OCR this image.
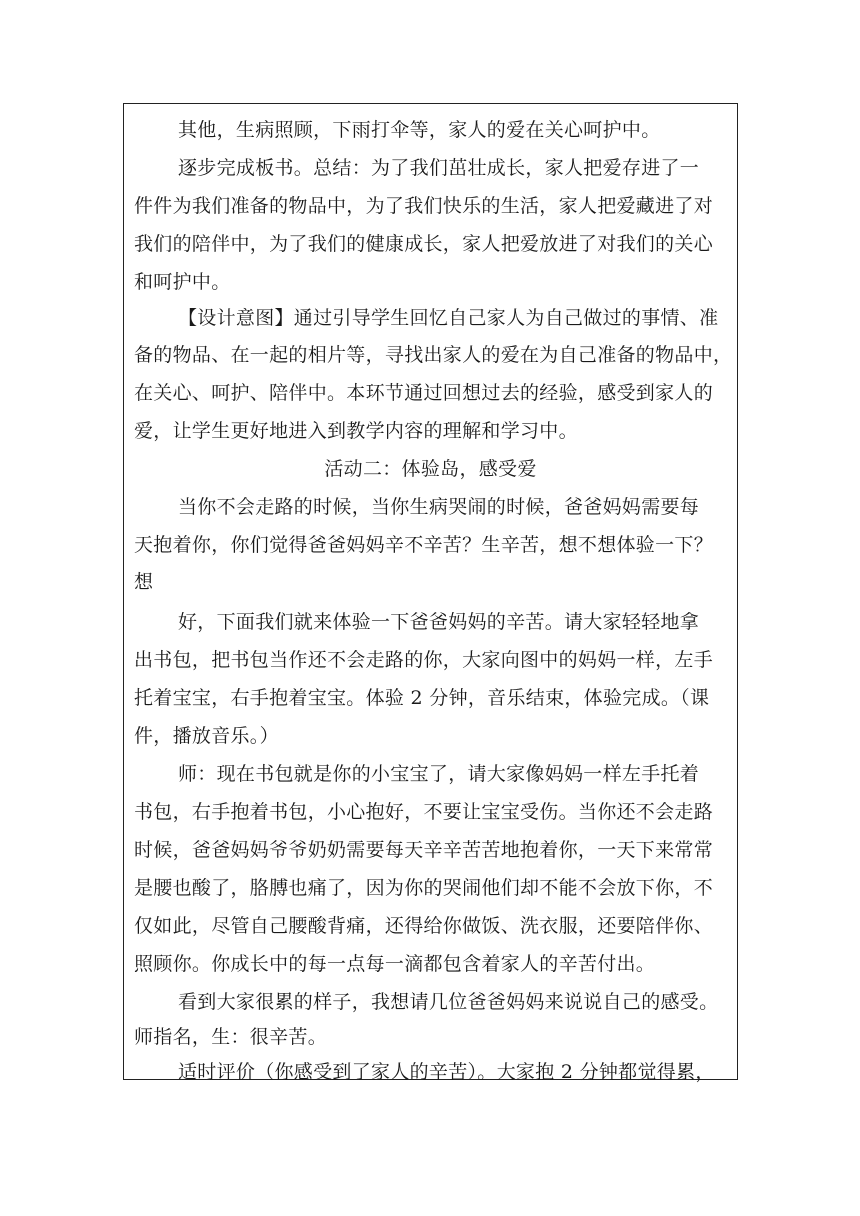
其他，生病照顾，下雨打伞等，家人的爱在关心呵护中。

逐步完成板书。总结：为了我们茁壮成长，家人把爱存进了一

件件为我们准备的物品中，为了我们快乐的生活，家人把爱藏进了对

我们的陪伴中，为了我们的健康成长，家人把爱放进了对我们的关心

和呵护中。

【设计意图】通过引导学生回忆自己家人为自己做过的事情、准

备的物品、在一起的相片等，寻找出家人的爱在为自己准备的物品中，

在关心、呵护、陪伴中。本环节通过回想过去的经验，感受到家人的

爱，让学生更好地进入到教学内容的理解和学习中。

活动二：体验岛，感受爱

当你不会走路的时候，当你生病哭闹的时候，爸爸妈妈需要每

天抱着你，你们觉得爸爸妈妈辛不辛苦？生辛苦，想不想体验一下？

想

好，下面我们就来体验一下爸爸妈妈的辛苦。请大家轻轻地拿

出书包，把书包当作还不会走路的你，大家向图中的妈妈一样，左手

托着宝宝，右手抱着宝宝。体验 2 分钟，音乐结束，体验完成。（课

件，播放音乐。）

师：现在书包就是你的小宝宝了，请大家像妈妈一样左手托着

书包，右手抱着书包，小心抱好，不要让宝宝受伤。当你还不会走路

时候，爸爸妈妈爷爷奶奶需要每天辛辛苦苦地抱着你，一天下来常常

是腰也酸了，胳膊也痛了，因为你的哭闹他们却不能不会放下你，不

仅如此，尽管自己腰酸背痛，还得给你做饭、洗衣服，还要陪伴你、

照顾你。你成长中的每一点每一滴都包含着家人的辛苦付出。

看到大家很累的样子，我想请几位爸爸妈妈来说说自己的感受。

师指名，生：很辛苦。

适时评价（你感受到了家人的辛苦）。大家抱 2 分钟都觉得累，
